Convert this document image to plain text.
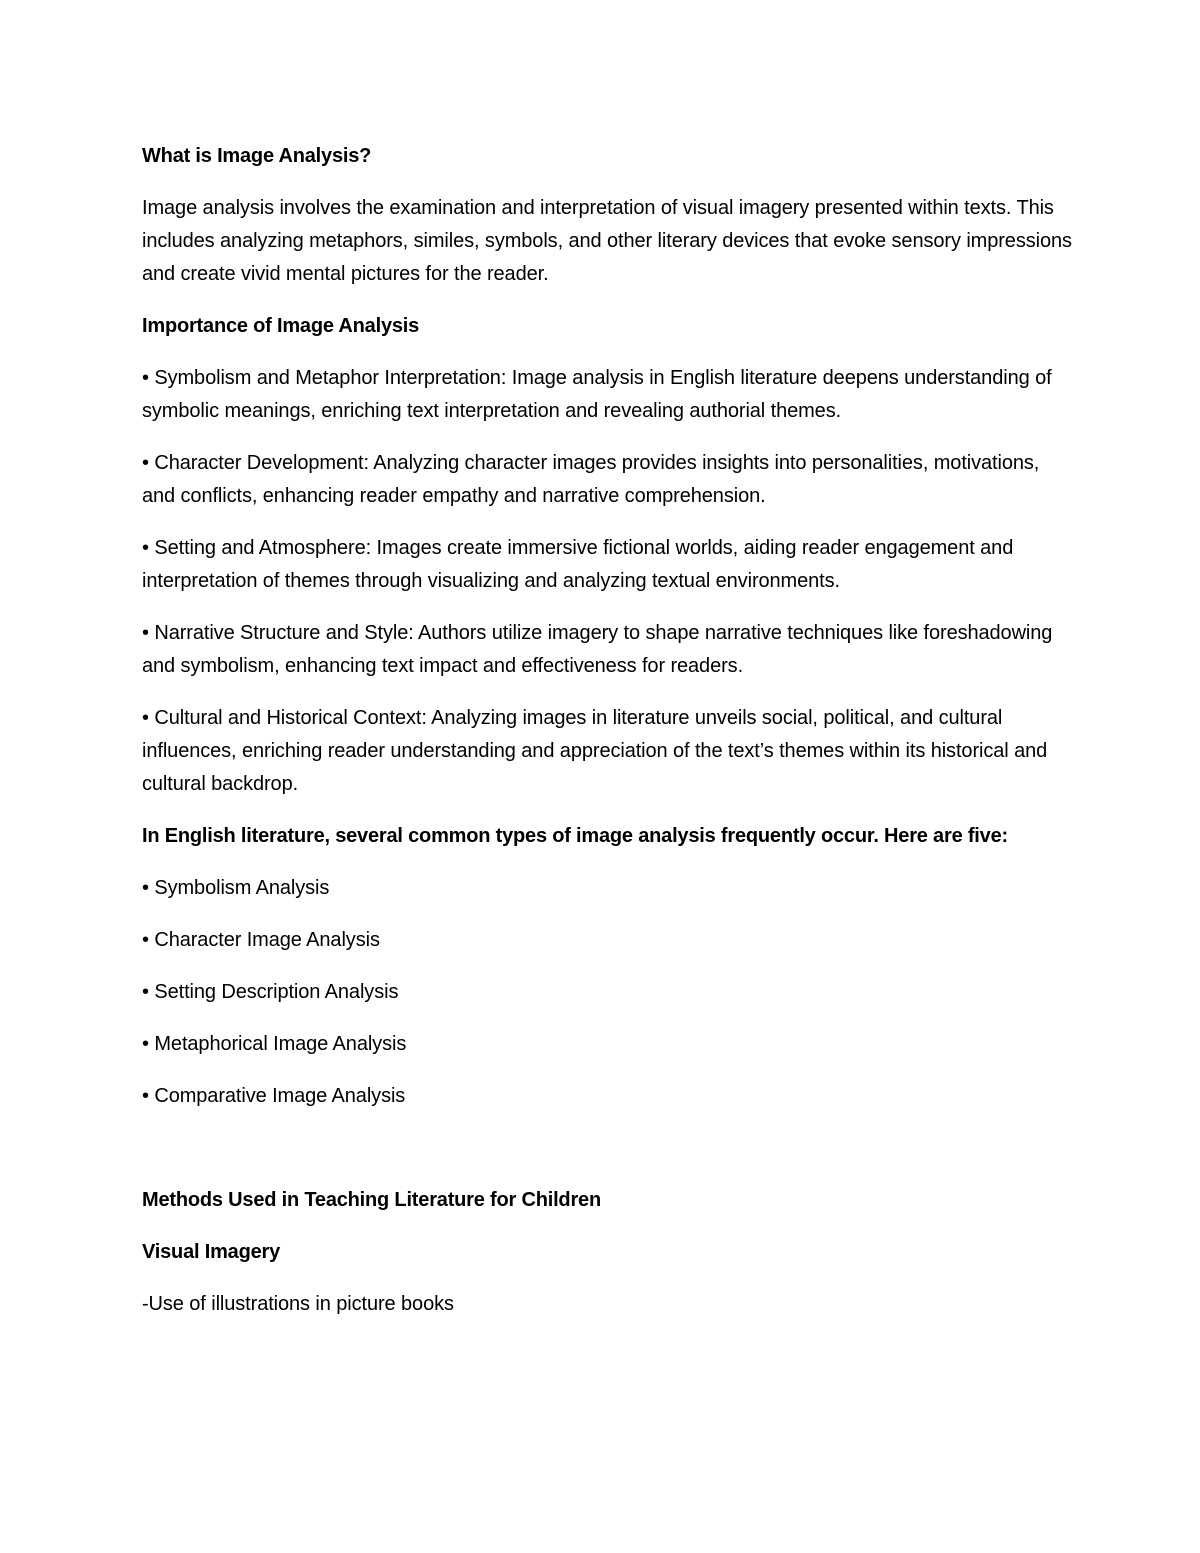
What is Image Analysis?
Image analysis involves the examination and interpretation of visual imagery presented within texts. This includes analyzing metaphors, similes, symbols, and other literary devices that evoke sensory impressions and create vivid mental pictures for the reader.
Importance of Image Analysis
• Symbolism and Metaphor Interpretation: Image analysis in English literature deepens understanding of symbolic meanings, enriching text interpretation and revealing authorial themes.
• Character Development: Analyzing character images provides insights into personalities, motivations, and conflicts, enhancing reader empathy and narrative comprehension.
• Setting and Atmosphere: Images create immersive fictional worlds, aiding reader engagement and interpretation of themes through visualizing and analyzing textual environments.
• Narrative Structure and Style: Authors utilize imagery to shape narrative techniques like foreshadowing and symbolism, enhancing text impact and effectiveness for readers.
• Cultural and Historical Context: Analyzing images in literature unveils social, political, and cultural influences, enriching reader understanding and appreciation of the text’s themes within its historical and cultural backdrop.
In English literature, several common types of image analysis frequently occur. Here are five:
• Symbolism Analysis
• Character Image Analysis
• Setting Description Analysis
• Metaphorical Image Analysis
• Comparative Image Analysis
Methods Used in Teaching Literature for Children
Visual Imagery
-Use of illustrations in picture books
